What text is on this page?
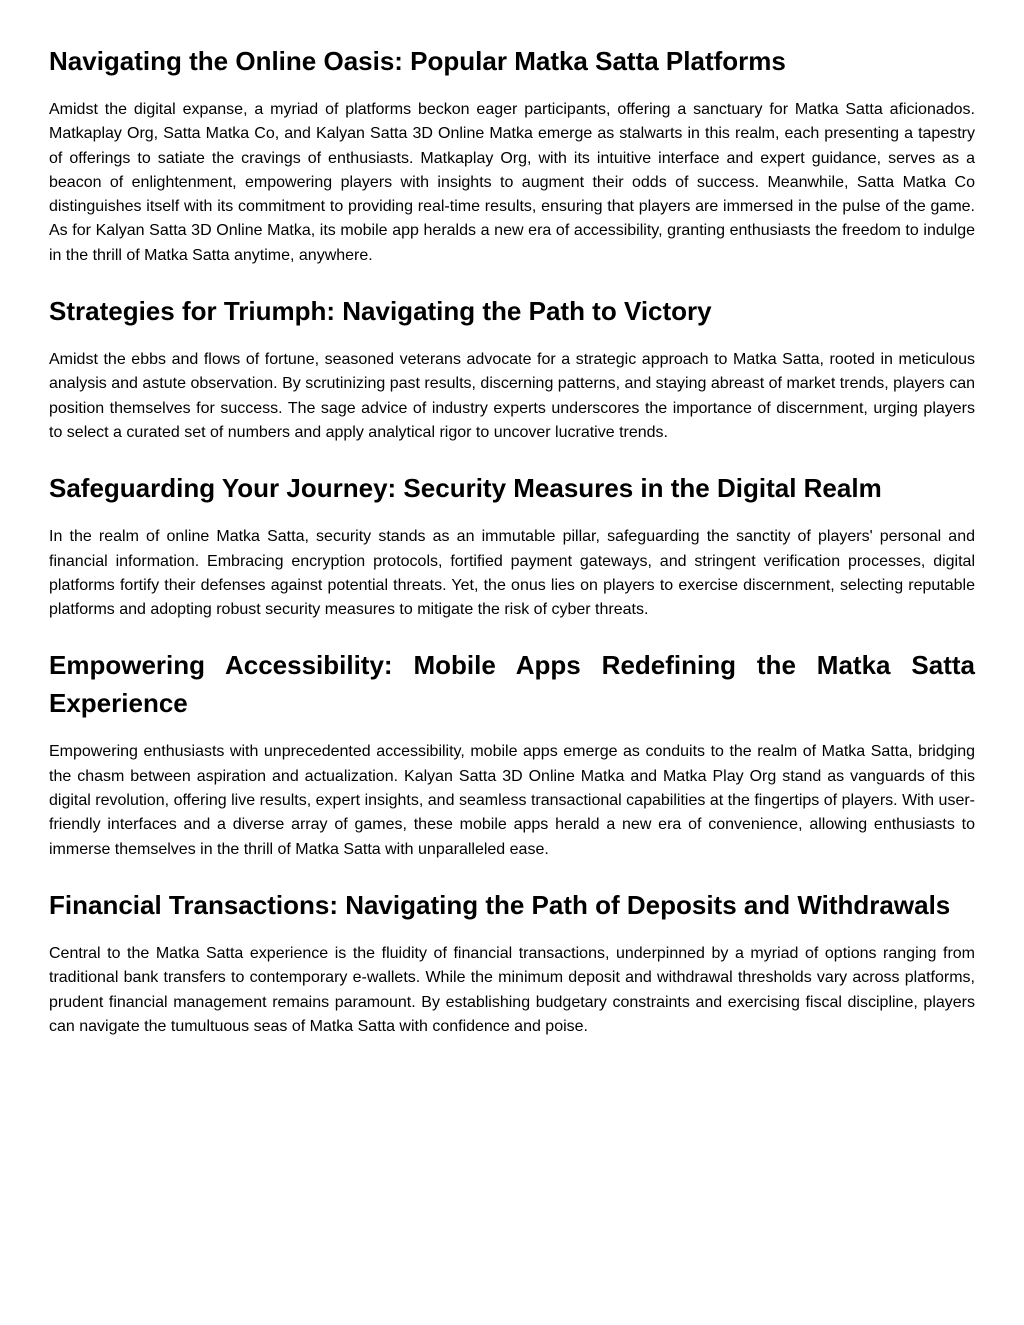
Navigating the Online Oasis: Popular Matka Satta Platforms

Amidst the digital expanse, a myriad of platforms beckon eager participants, offering a sanctuary for Matka Satta aficionados. Matkaplay Org, Satta Matka Co, and Kalyan Satta 3D Online Matka emerge as stalwarts in this realm, each presenting a tapestry of offerings to satiate the cravings of enthusiasts. Matkaplay Org, with its intuitive interface and expert guidance, serves as a beacon of enlightenment, empowering players with insights to augment their odds of success. Meanwhile, Satta Matka Co distinguishes itself with its commitment to providing real-time results, ensuring that players are immersed in the pulse of the game. As for Kalyan Satta 3D Online Matka, its mobile app heralds a new era of accessibility, granting enthusiasts the freedom to indulge in the thrill of Matka Satta anytime, anywhere.

Strategies for Triumph: Navigating the Path to Victory

Amidst the ebbs and flows of fortune, seasoned veterans advocate for a strategic approach to Matka Satta, rooted in meticulous analysis and astute observation. By scrutinizing past results, discerning patterns, and staying abreast of market trends, players can position themselves for success. The sage advice of industry experts underscores the importance of discernment, urging players to select a curated set of numbers and apply analytical rigor to uncover lucrative trends.

Safeguarding Your Journey: Security Measures in the Digital Realm

In the realm of online Matka Satta, security stands as an immutable pillar, safeguarding the sanctity of players' personal and financial information. Embracing encryption protocols, fortified payment gateways, and stringent verification processes, digital platforms fortify their defenses against potential threats. Yet, the onus lies on players to exercise discernment, selecting reputable platforms and adopting robust security measures to mitigate the risk of cyber threats.

Empowering Accessibility: Mobile Apps Redefining the Matka Satta Experience

Empowering enthusiasts with unprecedented accessibility, mobile apps emerge as conduits to the realm of Matka Satta, bridging the chasm between aspiration and actualization. Kalyan Satta 3D Online Matka and Matka Play Org stand as vanguards of this digital revolution, offering live results, expert insights, and seamless transactional capabilities at the fingertips of players. With user-friendly interfaces and a diverse array of games, these mobile apps herald a new era of convenience, allowing enthusiasts to immerse themselves in the thrill of Matka Satta with unparalleled ease.

Financial Transactions: Navigating the Path of Deposits and Withdrawals

Central to the Matka Satta experience is the fluidity of financial transactions, underpinned by a myriad of options ranging from traditional bank transfers to contemporary e-wallets. While the minimum deposit and withdrawal thresholds vary across platforms, prudent financial management remains paramount. By establishing budgetary constraints and exercising fiscal discipline, players can navigate the tumultuous seas of Matka Satta with confidence and poise.
